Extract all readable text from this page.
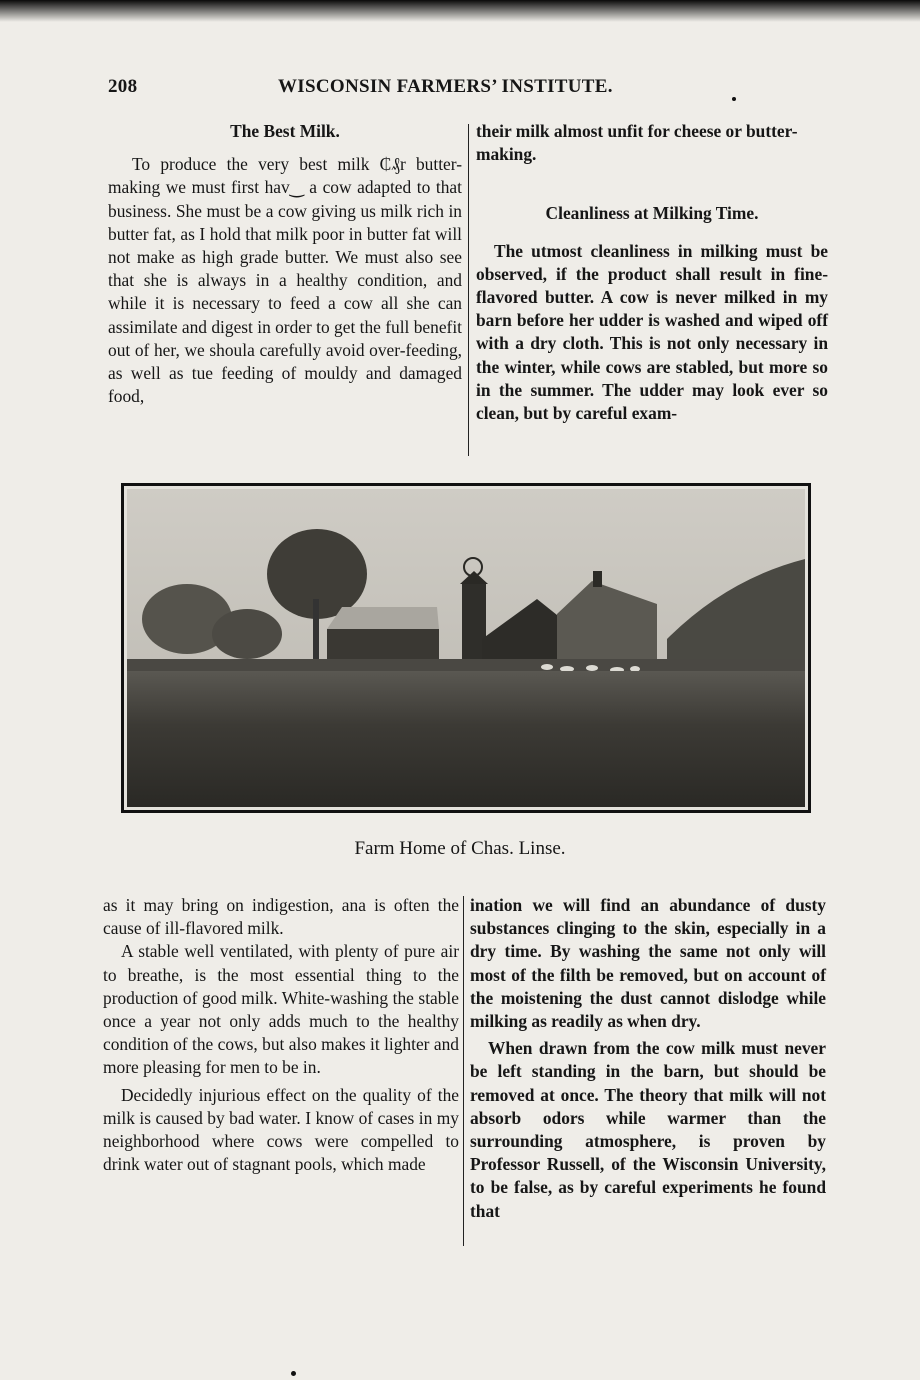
208	WISCONSIN FARMERS’ INSTITUTE.
The Best Milk.

To produce the very best milk ₵₰r butter-making we must first hav‿ a cow adapted to that business. She must be a cow giving us milk rich in butter fat, as I hold that milk poor in butter fat will not make as high grade butter. We must also see that she is always in a healthy condition, and while it is necessary to feed a cow all she can assimilate and digest in order to get the full benefit out of her, we shoula carefully avoid over-feeding, as well as tue feeding of mouldy and damaged food,

their milk almost unfit for cheese or butter-making.

Cleanliness at Milking Time.

The utmost cleanliness in milking must be observed, if the product shall result in fine-flavored butter. A cow is never milked in my barn before her udder is washed and wiped off with a dry cloth. This is not only necessary in the winter, while cows are stabled, but more so in the summer. The udder may look ever so clean, but by careful exam-

Farm Home of Chas. Linse.

as it may bring on indigestion, ana is often the cause of ill-flavored milk.

A stable well ventilated, with plenty of pure air to breathe, is the most essential thing to the production of good milk. White-washing the stable once a year not only adds much to the healthy condition of the cows, but also makes it lighter and more pleasing for men to be in.

Decidedly injurious effect on the quality of the milk is caused by bad water. I know of cases in my neighborhood where cows were compelled to drink water out of stagnant pools, which made

ination we will find an abundance of dusty substances clinging to the skin, especially in a dry time. By washing the same not only will most of the filth be removed, but on account of the moistening the dust cannot dislodge while milking as readily as when dry.

When drawn from the cow milk must never be left standing in the barn, but should be removed at once. The theory that milk will not absorb odors while warmer than the surrounding atmosphere, is proven by Professor Russell, of the Wisconsin University, to be false, as by careful experiments he found that
